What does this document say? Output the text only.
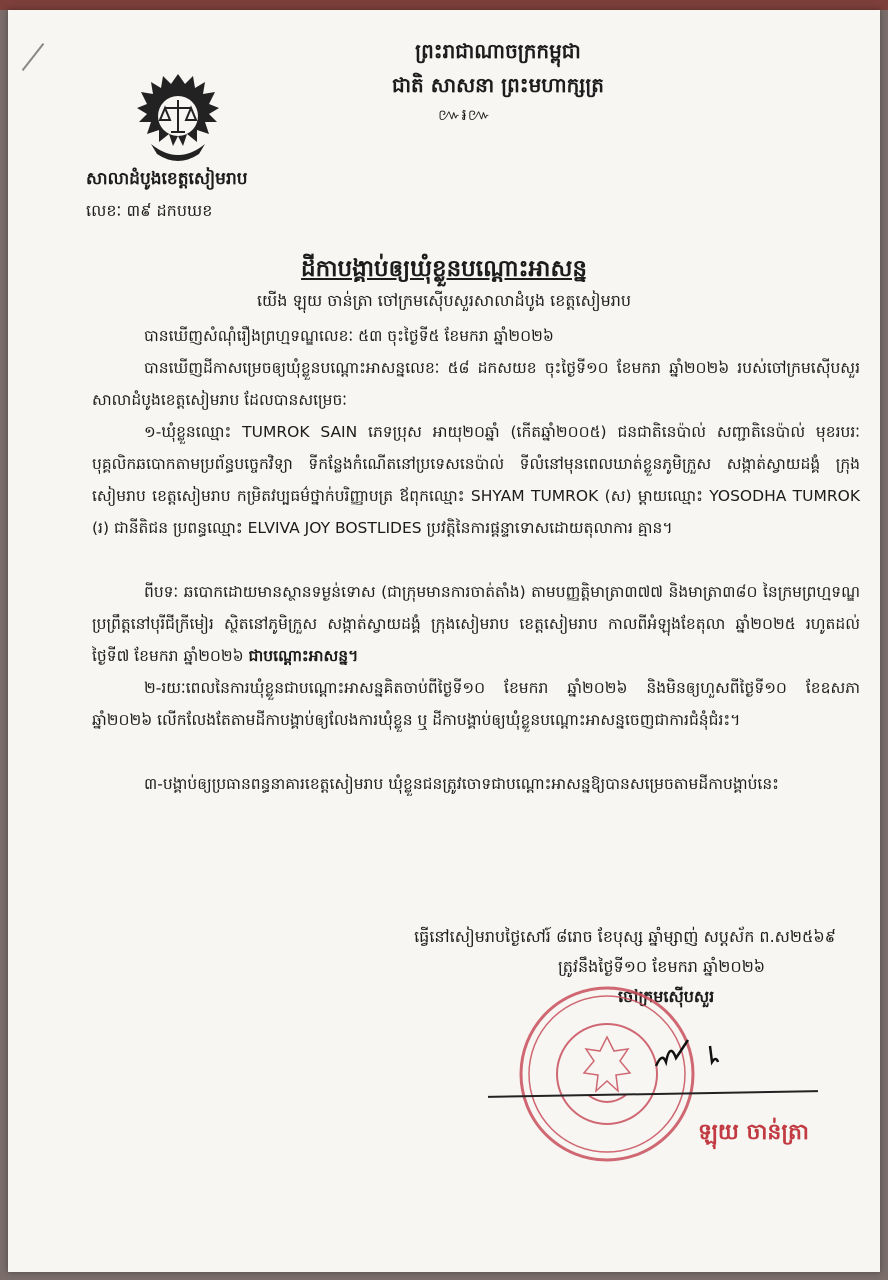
ព្រះរាជាណាចក្រកម្ពុជា
ជាតិ សាសនា ព្រះមហាក្សត្រ
៚៛៚
សាលាដំបូងខេត្តសៀមរាប
លេខៈ ៣៩ ដកបឃខ
ដីកាបង្គាប់ឲ្យឃុំខ្លួនបណ្ដោះអាសន្ន
យើង ឡុយ ចាន់ត្រា ចៅក្រមស៊ើបសួរសាលាដំបូង ខេត្តសៀមរាប
បានឃើញសំណុំរឿងព្រហ្មទណ្ឌលេខៈ ៥៣ ចុះថ្ងៃទី៥ ខែមករា ឆ្នាំ២០២៦
បានឃើញដីកាសម្រេចឲ្យឃុំខ្លួនបណ្ដោះអាសន្នលេខៈ ៥៨ ដកសយខ ចុះថ្ងៃទី១០ ខែមករា ឆ្នាំ២០២៦ របស់ចៅក្រមស៊ើបសួរសាលាដំបូងខេត្តសៀមរាប ដែលបានសម្រេចៈ
១-ឃុំខ្លួនឈ្មោះ TUMROK SAIN ភេទប្រុស អាយុ២០ឆ្នាំ (កើតឆ្នាំ២០០៥) ជនជាតិនេប៉ាល់ សញ្ជាតិនេប៉ាល់ មុខរបរៈ បុគ្គលិកឆបោកតាមប្រព័ន្ធបច្ចេកវិទ្យា ទីកន្លែងកំណើតនៅប្រទេសនេប៉ាល់ ទីលំនៅមុនពេលឃាត់ខ្លួនភូមិក្រួស សង្កាត់ស្វាយដង្គំ ក្រុងសៀមរាប ខេត្តសៀមរាប កម្រិតវប្បធម៌ថ្នាក់បរិញ្ញាបត្រ ឪពុកឈ្មោះ SHYAM TUMROK (ស) ម្ដាយឈ្មោះ YOSODHA TUMROK (រ) ជានីតិជន ប្រពន្ធឈ្មោះ ELVIVA JOY BOSTLIDES ប្រវត្តិនៃការផ្ដន្ទាទោសដោយតុលាការ គ្មាន។
ពីបទៈ ឆបោកដោយមានស្ថានទម្ងន់ទោស (ជាក្រុមមានការចាត់តាំង) តាមបញ្ញត្តិមាត្រា៣៧៧ និងមាត្រា៣៨០ នៃក្រមព្រហ្មទណ្ឌ ប្រព្រឹត្តនៅបុរីជីក្រីមៀរ ស្ថិតនៅភូមិក្រួស សង្កាត់ស្វាយដង្គំ ក្រុងសៀមរាប ខេត្តសៀមរាប កាលពីអំឡុងខែតុលា ឆ្នាំ២០២៥ រហូតដល់ថ្ងៃទី៧ ខែមករា ឆ្នាំ២០២៦ ជាបណ្ដោះអាសន្ន។
២-រយៈពេលនៃការឃុំខ្លួនជាបណ្ដោះអាសន្នគិតចាប់ពីថ្ងៃទី១០ ខែមករា ឆ្នាំ២០២៦ និងមិនឲ្យហួសពីថ្ងៃទី១០ ខែឧសភា ឆ្នាំ២០២៦ លើកលែងតែតាមដីកាបង្គាប់ឲ្យលែងការឃុំខ្លួន ឬ ដីកាបង្គាប់ឲ្យឃុំខ្លួនបណ្ដោះអាសន្នចេញជាការជំនុំជំរះ។
៣-បង្គាប់ឲ្យប្រធានពន្ធនាគារខេត្តសៀមរាប ឃុំខ្លួនជនត្រូវចោទជាបណ្ដោះអាសន្នឱ្យបានសម្រេចតាមដីកាបង្គាប់នេះ
ធ្វើនៅសៀមរាបថ្ងៃសៅរ៍ ៨រោច ខែបុស្ស ឆ្នាំម្សាញ់ សប្តស័ក ព.ស២៥៦៩
ត្រូវនឹងថ្ងៃទី១០ ខែមករា ឆ្នាំ២០២៦
ចៅក្រមស៊ើបសួរ
ឡុយ ចាន់ត្រា
